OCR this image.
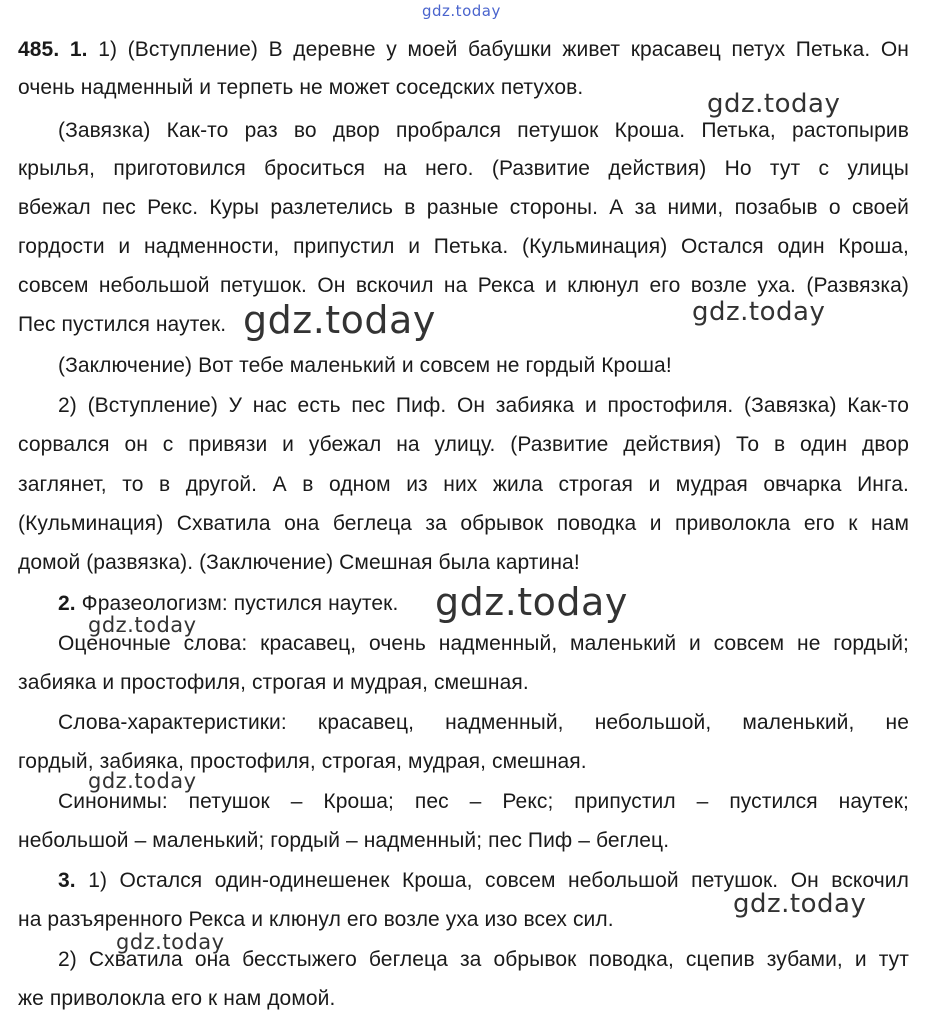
gdz.today
gdz.today
gdz.today	gdz.today
gdz.today
gdz.today
gdz.today
gdz.today
gdz.today
485. 1. 1) (Вступление) В деревне у моей бабушки живет красавец петух Петька. Он
очень надменный и терпеть не может соседских петухов.
(Завязка) Как-то раз во двор пробрался петушок Кроша. Петька, растопырив
крылья, приготовился броситься на него. (Развитие действия) Но тут с улицы
вбежал пес Рекс. Куры разлетелись в разные стороны. А за ними, позабыв о своей
гордости и надменности, припустил и Петька. (Кульминация) Остался один Кроша,
совсем небольшой петушок. Он вскочил на Рекса и клюнул его возле уха. (Развязка)
Пес пустился наутек.
(Заключение) Вот тебе маленький и совсем не гордый Кроша!
2) (Вступление) У нас есть пес Пиф. Он забияка и простофиля. (Завязка) Как-то
сорвался он с привязи и убежал на улицу. (Развитие действия) То в один двор
заглянет, то в другой. А в одном из них жила строгая и мудрая овчарка Инга.
(Кульминация) Схватила она беглеца за обрывок поводка и приволокла его к нам
домой (развязка). (Заключение) Смешная была картина!
2. Фразеологизм: пустился наутек.
Оценочные слова: красавец, очень надменный, маленький и совсем не гордый;
забияка и простофиля, строгая и мудрая, смешная.
Слова-характеристики: красавец, надменный, небольшой, маленький, не
гордый, забияка, простофиля, строгая, мудрая, смешная.
Синонимы: петушок – Кроша; пес – Рекс; припустил – пустился наутек;
небольшой – маленький; гордый – надменный; пес Пиф – беглец.
3. 1) Остался один-одинешенек Кроша, совсем небольшой петушок. Он вскочил
на разъяренного Рекса и клюнул его возле уха изо всех сил.
2) Схватила она бесстыжего беглеца за обрывок поводка, сцепив зубами, и тут
же приволокла его к нам домой.
